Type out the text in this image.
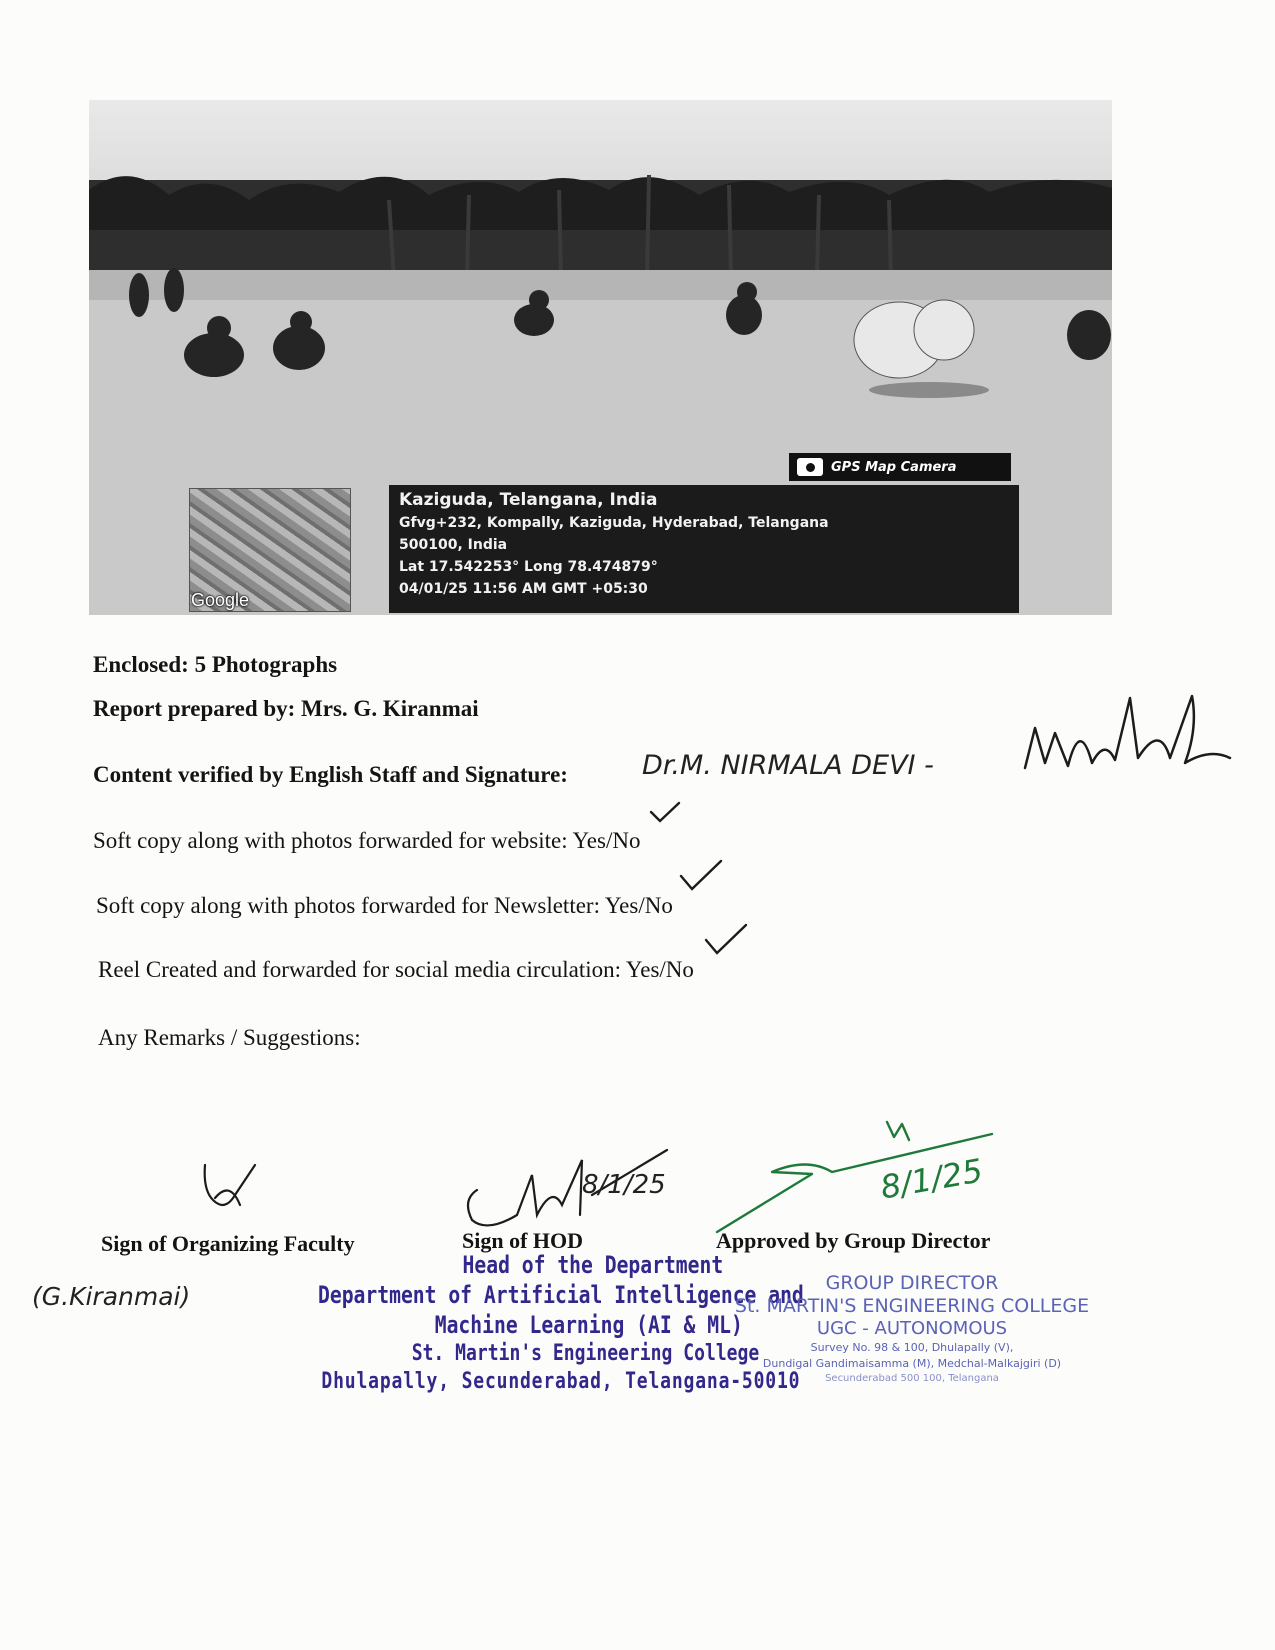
GPS Map Camera
Google
Kaziguda, Telangana, India
Gfvg+232, Kompally, Kaziguda, Hyderabad, Telangana
500100, India
Lat 17.542253° Long 78.474879°
04/01/25 11:56 AM GMT +05:30
Enclosed: 5 Photographs
Report prepared by: Mrs. G. Kiranmai
Content verified by English Staff and Signature:	Dr.M. NIRMALA DEVI -
Soft copy along with photos forwarded for website: Yes/No
Soft copy along with photos forwarded for Newsletter: Yes/No
Reel Created and forwarded for social media circulation: Yes/No
Any Remarks / Suggestions:
Sign of Organizing Faculty
(G.Kiranmai)
8/1/25
Sign of HOD
8/1/25
Approved by Group Director
Head of the Department
Department of Artificial Intelligence and
Machine Learning (AI & ML)
St. Martin's Engineering College
Dhulapally, Secunderabad, Telangana-50010
GROUP DIRECTOR
St. MARTIN'S ENGINEERING COLLEGE
UGC - AUTONOMOUS
Survey No. 98 & 100, Dhulapally (V),
Dundigal Gandimaisamma (M), Medchal-Malkajgiri (D)
Secunderabad 500 100, Telangana
